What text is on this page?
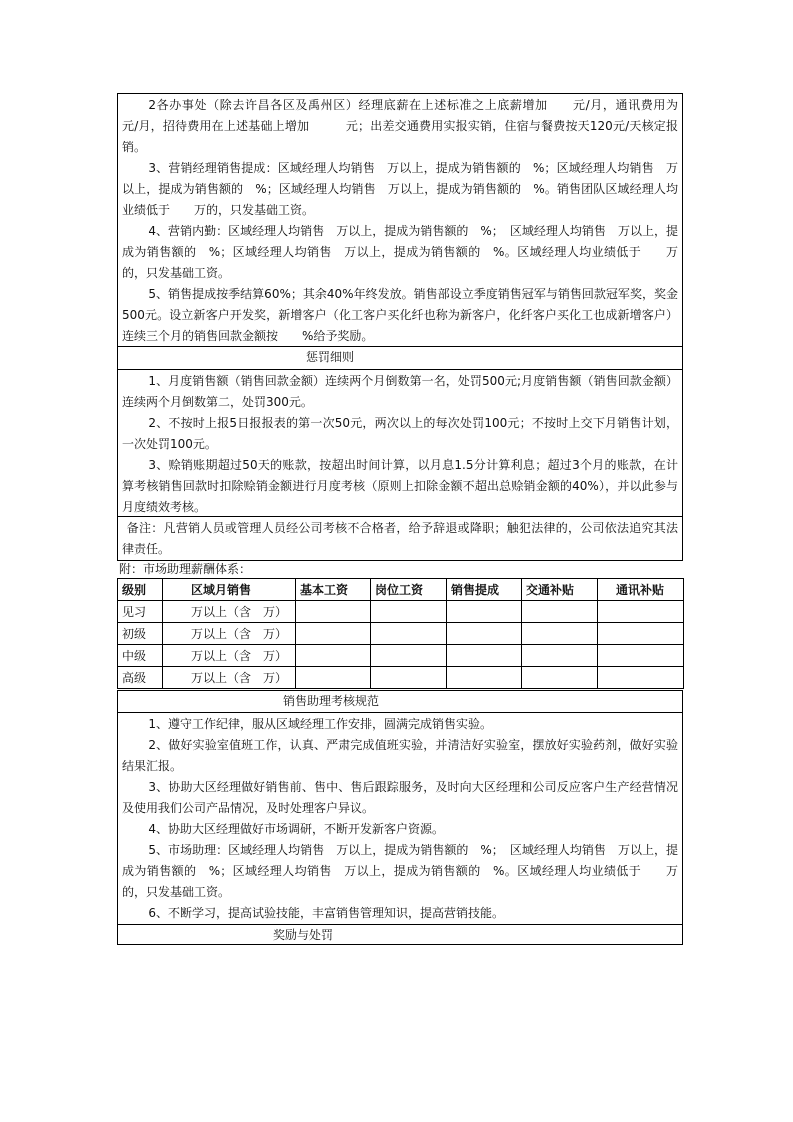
2各办事处（除去许昌各区及禹州区）经理底薪在上述标准之上底薪增加　　元/月，通讯费用为　　元/月，招待费用在上述基础上增加　　　元；出差交通费用实报实销，住宿与餐费按天120元/天核定报销。

3、营销经理销售提成：区域经理人均销售　万以上，提成为销售额的　%；区域经理人均销售　万以上，提成为销售额的　%；区域经理人均销售　万以上，提成为销售额的　%。销售团队区域经理人均业绩低于　　万的，只发基础工资。

4、营销内勤：区域经理人均销售　万以上，提成为销售额的　%；　区域经理人均销售　万以上，提成为销售额的　%；区域经理人均销售　万以上，提成为销售额的　%。区域经理人均业绩低于　　万的，只发基础工资。

5、销售提成按季结算60%；其余40%年终发放。销售部设立季度销售冠军与销售回款冠军奖，奖金500元。设立新客户开发奖，新增客户（化工客户买化纤也称为新客户，化纤客户买化工也成新增客户）连续三个月的销售回款金额按　　%给予奖励。

惩罚细则

1、月度销售额（销售回款金额）连续两个月倒数第一名，处罚500元;月度销售额（销售回款金额）连续两个月倒数第二，处罚300元。

2、不按时上报5日报报表的第一次50元，两次以上的每次处罚100元；不按时上交下月销售计划，一次处罚100元。

3、赊销账期超过50天的账款，按超出时间计算，以月息1.5分计算利息；超过3个月的账款，在计算考核销售回款时扣除赊销金额进行月度考核（原则上扣除金额不超出总赊销金额的40%），并以此参与月度绩效考核。

备注：凡营销人员或管理人员经公司考核不合格者，给予辞退或降职；触犯法律的，公司依法追究其法律责任。

附：市场助理薪酬体系：
级别	区域月销售	基本工资	岗位工资	销售提成	交通补贴	通讯补贴
见习	　　万以上（含　万）					
初级	　　万以上（含　万）					
中级	　　万以上（含　万）					
高级	　　万以上（含　万）					
销售助理考核规范

1、遵守工作纪律，服从区域经理工作安排，圆满完成销售实验。

2、做好实验室值班工作，认真、严肃完成值班实验，并清洁好实验室，摆放好实验药剂，做好实验结果汇报。

3、协助大区经理做好销售前、售中、售后跟踪服务，及时向大区经理和公司反应客户生产经营情况及使用我们公司产品情况，及时处理客户异议。

4、协助大区经理做好市场调研，不断开发新客户资源。

5、市场助理：区域经理人均销售　万以上，提成为销售额的　%；　区域经理人均销售　万以上，提成为销售额的　%；区域经理人均销售　万以上，提成为销售额的　%。区域经理人均业绩低于　　万的，只发基础工资。

6、不断学习，提高试验技能，丰富销售管理知识，提高营销技能。

奖励与处罚
